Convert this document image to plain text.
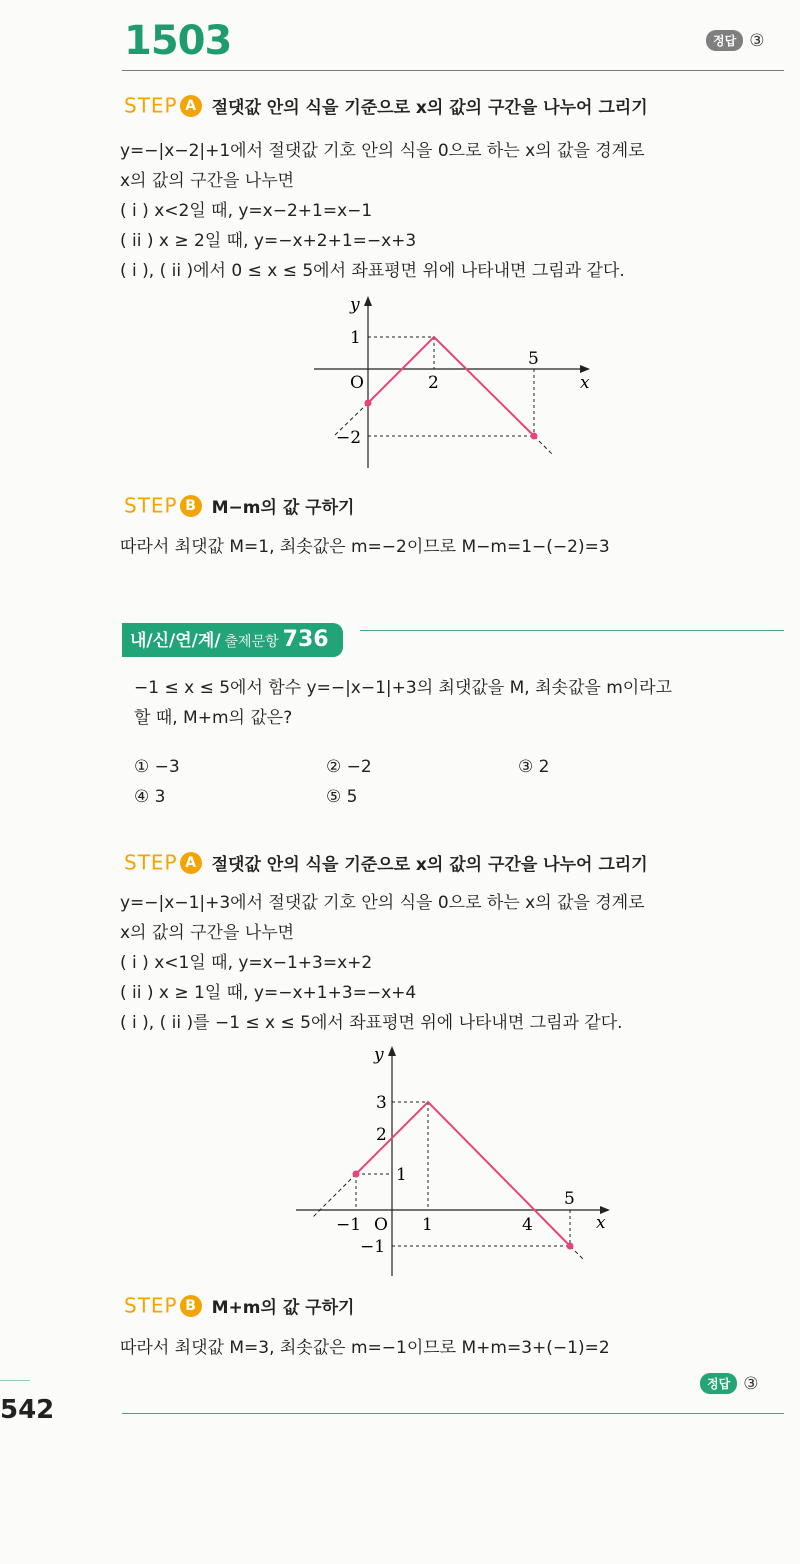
1503	정답 ③
STEP A 절댓값 안의 식을 기준으로 x의 값의 구간을 나누어 그리기
y=−|x−2|+1에서 절댓값 기호 안의 식을 0으로 하는 x의 값을 경계로
x의 값의 구간을 나누면
( i ) x<2일 때, y=x−2+1=x−1
( ii ) x ≥ 2일 때, y=−x+2+1=−x+3
( i ), ( ii )에서 0 ≤ x ≤ 5에서 좌표평면 위에 나타내면 그림과 같다.
y
x
O
1
2
5
−2
STEP B M−m의 값 구하기
따라서 최댓값 M=1, 최솟값은 m=−2이므로 M−m=1−(−2)=3
내/신/연/계/ 출제문항 736
−1 ≤ x ≤ 5에서 함수 y=−|x−1|+3의 최댓값을 M, 최솟값을 m이라고
할 때, M+m의 값은?
① −3	② −2	③ 2
④ 3	⑤ 5
STEP A 절댓값 안의 식을 기준으로 x의 값의 구간을 나누어 그리기
y=−|x−1|+3에서 절댓값 기호 안의 식을 0으로 하는 x의 값을 경계로
x의 값의 구간을 나누면
( i ) x<1일 때, y=x−1+3=x+2
( ii ) x ≥ 1일 때, y=−x+1+3=−x+4
( i ), ( ii )를 −1 ≤ x ≤ 5에서 좌표평면 위에 나타내면 그림과 같다.
y
x
O
3
2
1
−1	1	4
5
−1
STEP B M+m의 값 구하기
따라서 최댓값 M=3, 최솟값은 m=−1이므로 M+m=3+(−1)=2
정답 ③
542
